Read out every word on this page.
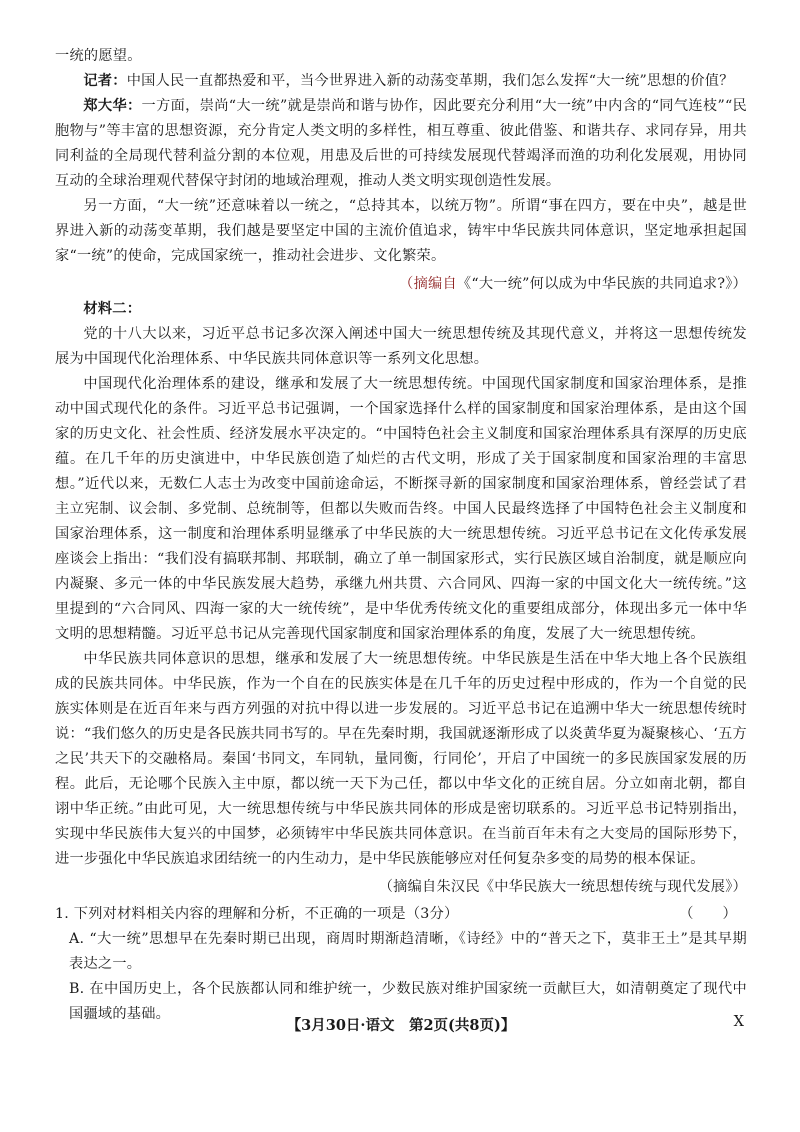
一统的愿望。

记者：中国人民一直都热爱和平，当今世界进入新的动荡变革期，我们怎么发挥“大一统”思想的价值？

郑大华：一方面，崇尚“大一统”就是崇尚和谐与协作，因此要充分利用“大一统”中内含的“同气连枝”“民胞物与”等丰富的思想资源，充分肯定人类文明的多样性，相互尊重、彼此借鉴、和谐共存、求同存异，用共同利益的全局现代替利益分割的本位观，用患及后世的可持续发展现代替竭泽而渔的功利化发展观，用协同互动的全球治理观代替保守封闭的地域治理观，推动人类文明实现创造性发展。

另一方面，“大一统”还意味着以一统之，“总持其本，以统万物”。所谓“事在四方，要在中央”，越是世界进入新的动荡变革期，我们越是要坚定中国的主流价值追求，铸牢中华民族共同体意识，坚定地承担起国家“一统”的使命，完成国家统一，推动社会进步、文化繁荣。

（摘编自《“大一统”何以成为中华民族的共同追求?》）

材料二：

党的十八大以来，习近平总书记多次深入阐述中国大一统思想传统及其现代意义，并将这一思想传统发展为中国现代化治理体系、中华民族共同体意识等一系列文化思想。

中国现代化治理体系的建设，继承和发展了大一统思想传统。中国现代国家制度和国家治理体系，是推动中国式现代化的条件。习近平总书记强调，一个国家选择什么样的国家制度和国家治理体系，是由这个国家的历史文化、社会性质、经济发展水平决定的。“中国特色社会主义制度和国家治理体系具有深厚的历史底蕴。在几千年的历史演进中，中华民族创造了灿烂的古代文明，形成了关于国家制度和国家治理的丰富思想。”近代以来，无数仁人志士为改变中国前途命运，不断探寻新的国家制度和国家治理体系，曾经尝试了君主立宪制、议会制、多党制、总统制等，但都以失败而告终。中国人民最终选择了中国特色社会主义制度和国家治理体系，这一制度和治理体系明显继承了中华民族的大一统思想传统。习近平总书记在文化传承发展座谈会上指出：“我们没有搞联邦制、邦联制，确立了单一制国家形式，实行民族区域自治制度，就是顺应向内凝聚、多元一体的中华民族发展大趋势，承继九州共贯、六合同风、四海一家的中国文化大一统传统。”这里提到的“六合同风、四海一家的大一统传统”，是中华优秀传统文化的重要组成部分，体现出多元一体中华文明的思想精髓。习近平总书记从完善现代国家制度和国家治理体系的角度，发展了大一统思想传统。

中华民族共同体意识的思想，继承和发展了大一统思想传统。中华民族是生活在中华大地上各个民族组成的民族共同体。中华民族，作为一个自在的民族实体是在几千年的历史过程中形成的，作为一个自觉的民族实体则是在近百年来与西方列强的对抗中得以进一步发展的。习近平总书记在追溯中华大一统思想传统时说：“我们悠久的历史是各民族共同书写的。早在先秦时期，我国就逐渐形成了以炎黄华夏为凝聚核心、‘五方之民’共天下的交融格局。秦国‘书同文，车同轨，量同衡，行同伦’，开启了中国统一的多民族国家发展的历程。此后，无论哪个民族入主中原，都以统一天下为己任，都以中华文化的正统自居。分立如南北朝，都自诩中华正统。”由此可见，大一统思想传统与中华民族共同体的形成是密切联系的。习近平总书记特别指出，实现中华民族伟大复兴的中国梦，必须铸牢中华民族共同体意识。在当前百年未有之大变局的国际形势下，进一步强化中华民族追求团结统一的内生动力，是中华民族能够应对任何复杂多变的局势的根本保证。

（摘编自朱汉民《中华民族大一统思想传统与现代发展》）

1. 下列对材料相关内容的理解和分析，不正确的一项是（3分）	（　　）

A. “大一统”思想早在先秦时期已出现，商周时期渐趋清晰，《诗经》中的“普天之下，莫非王土”是其早期表达之一。

B. 在中国历史上，各个民族都认同和维护统一，少数民族对维护国家统一贡献巨大，如清朝奠定了现代中国疆域的基础。

【3月30日·语文　第2页(共8页)】	X
